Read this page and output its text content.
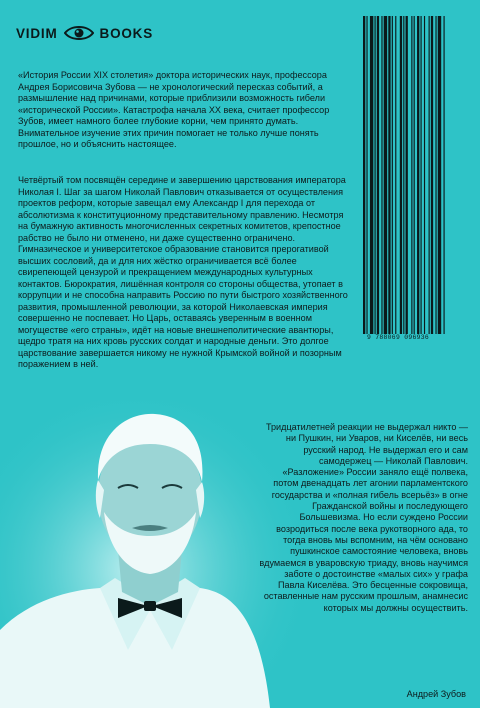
VIDIM	BOOKS
9 788069 096936
«История России XIX столетия» доктора исторических наук, профессора Андрея Борисовича Зубова — не хронологический пересказ событий, а размышление над причинами, которые приблизили возможность гибели «исторической России». Катастрофа начала XX века, считает профессор Зубов, имеет намного более глубокие корни, чем принято думать. Внимательное изучение этих причин помогает не только лучше понять прошлое, но и объяснить настоящее.
Четвёртый том посвящён середине и завершению царствования императора Николая I. Шаг за шагом Николай Павлович отказывается от осуществления проектов реформ, которые завещал ему Александр I для перехода от абсолютизма к конституционному представительному правлению. Несмотря на бумажную активность многочисленных секретных комитетов, крепостное рабство не было ни отменено, ни даже существенно ограничено. Гимназическое и университетское образование становится прерогативой высших сословий, да и для них жёстко ограничивается всё более свирепеющей цензурой и прекращением международных культурных контактов. Бюрократия, лишённая контроля со стороны общества, утопает в коррупции и не способна направить Россию по пути быстрого хозяйственного развития, промышленной революции, за которой Николаевская империя совершенно не поспевает. Но Царь, оставаясь уверенным в военном могуществе «его страны», идёт на новые внешнеполитические авантюры, щедро тратя на них кровь русских солдат и народные деньги. Это долгое царствование завершается никому не нужной Крымской войной и позорным поражением в ней.
Тридцатилетней реакции не выдержал никто — ни Пушкин, ни Уваров, ни Киселёв, ни весь русский народ. Не выдержал его и сам самодержец — Николай Павлович. «Разложение» России заняло ещё полвека, потом двенадцать лет агонии парламентского государства и «полная гибель всерьёз» в огне Гражданской войны и последующего Большевизма. Но если суждено России возродиться после века рукотворного ада, то тогда вновь мы вспомним, на чём основано пушкинское самостояние человека, вновь вдумаемся в уваровскую триаду, вновь научимся заботе о достоинстве «малых сих» у графа Павла Киселёва. Это бесценные сокровища, оставленные нам русским прошлым, анамнесис которых мы должны осуществить.
Андрей Зубов
